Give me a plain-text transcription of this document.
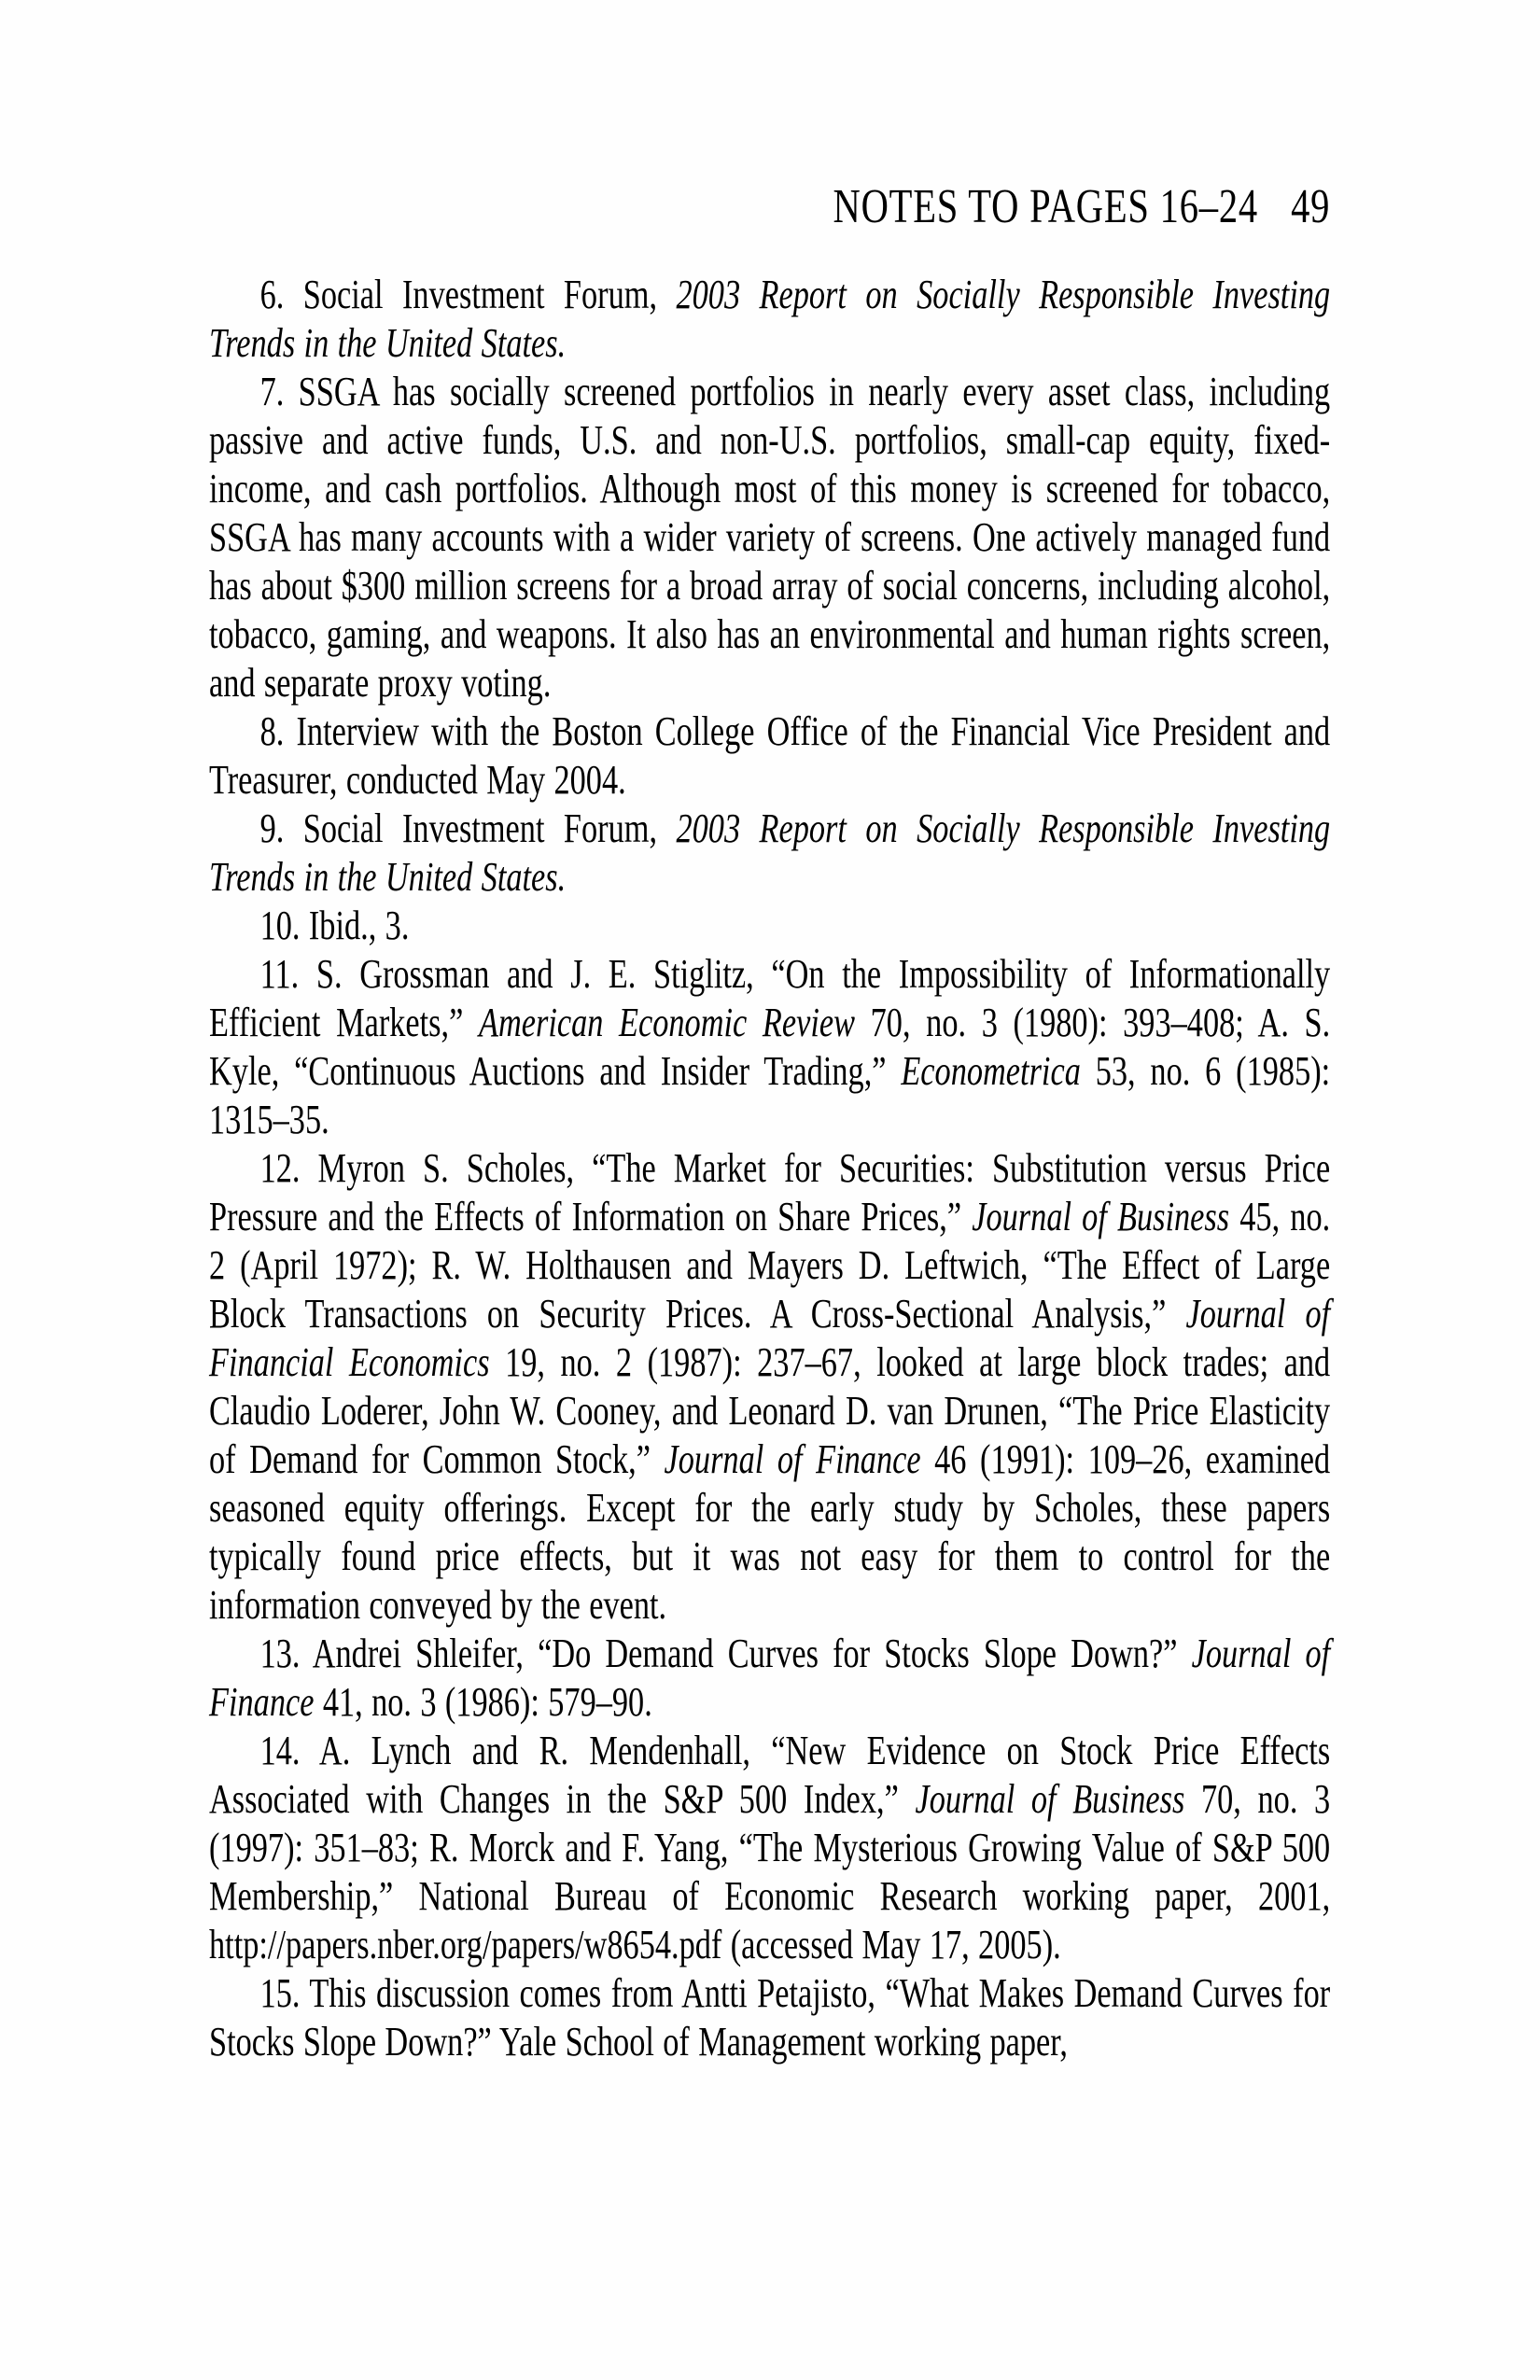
NOTES TO PAGES 16–24 49

6. Social Investment Forum, 2003 Report on Socially Responsible Investing Trends in the United States.

7. SSGA has socially screened portfolios in nearly every asset class, including passive and active funds, U.S. and non-U.S. portfolios, small-cap equity, fixed-income, and cash portfolios. Although most of this money is screened for tobacco, SSGA has many accounts with a wider variety of screens. One actively managed fund has about $300 million screens for a broad array of social concerns, including alcohol, tobacco, gaming, and weapons. It also has an environmental and human rights screen, and separate proxy voting.

8. Interview with the Boston College Office of the Financial Vice President and Treasurer, conducted May 2004.

9. Social Investment Forum, 2003 Report on Socially Responsible Investing Trends in the United States.

10. Ibid., 3.

11. S. Grossman and J. E. Stiglitz, “On the Impossibility of Informationally Efficient Markets,” American Economic Review 70, no. 3 (1980): 393–408; A. S. Kyle, “Continuous Auctions and Insider Trading,” Econometrica 53, no. 6 (1985): 1315–35.

12. Myron S. Scholes, “The Market for Securities: Substitution versus Price Pressure and the Effects of Information on Share Prices,” Journal of Business 45, no. 2 (April 1972); R. W. Holthausen and Mayers D. Leftwich, “The Effect of Large Block Transactions on Security Prices. A Cross-Sectional Analysis,” Journal of Financial Economics 19, no. 2 (1987): 237–67, looked at large block trades; and Claudio Loderer, John W. Cooney, and Leonard D. van Drunen, “The Price Elasticity of Demand for Common Stock,” Journal of Finance 46 (1991): 109–26, examined seasoned equity offerings. Except for the early study by Scholes, these papers typically found price effects, but it was not easy for them to control for the information conveyed by the event.

13. Andrei Shleifer, “Do Demand Curves for Stocks Slope Down?” Journal of Finance 41, no. 3 (1986): 579–90.

14. A. Lynch and R. Mendenhall, “New Evidence on Stock Price Effects Associated with Changes in the S&P 500 Index,” Journal of Business 70, no. 3 (1997): 351–83; R. Morck and F. Yang, “The Mysterious Growing Value of S&P 500 Membership,” National Bureau of Economic Research working paper, 2001, http://papers.nber.org/papers/w8654.pdf (accessed May 17, 2005).

15. This discussion comes from Antti Petajisto, “What Makes Demand Curves for Stocks Slope Down?” Yale School of Management working paper,
